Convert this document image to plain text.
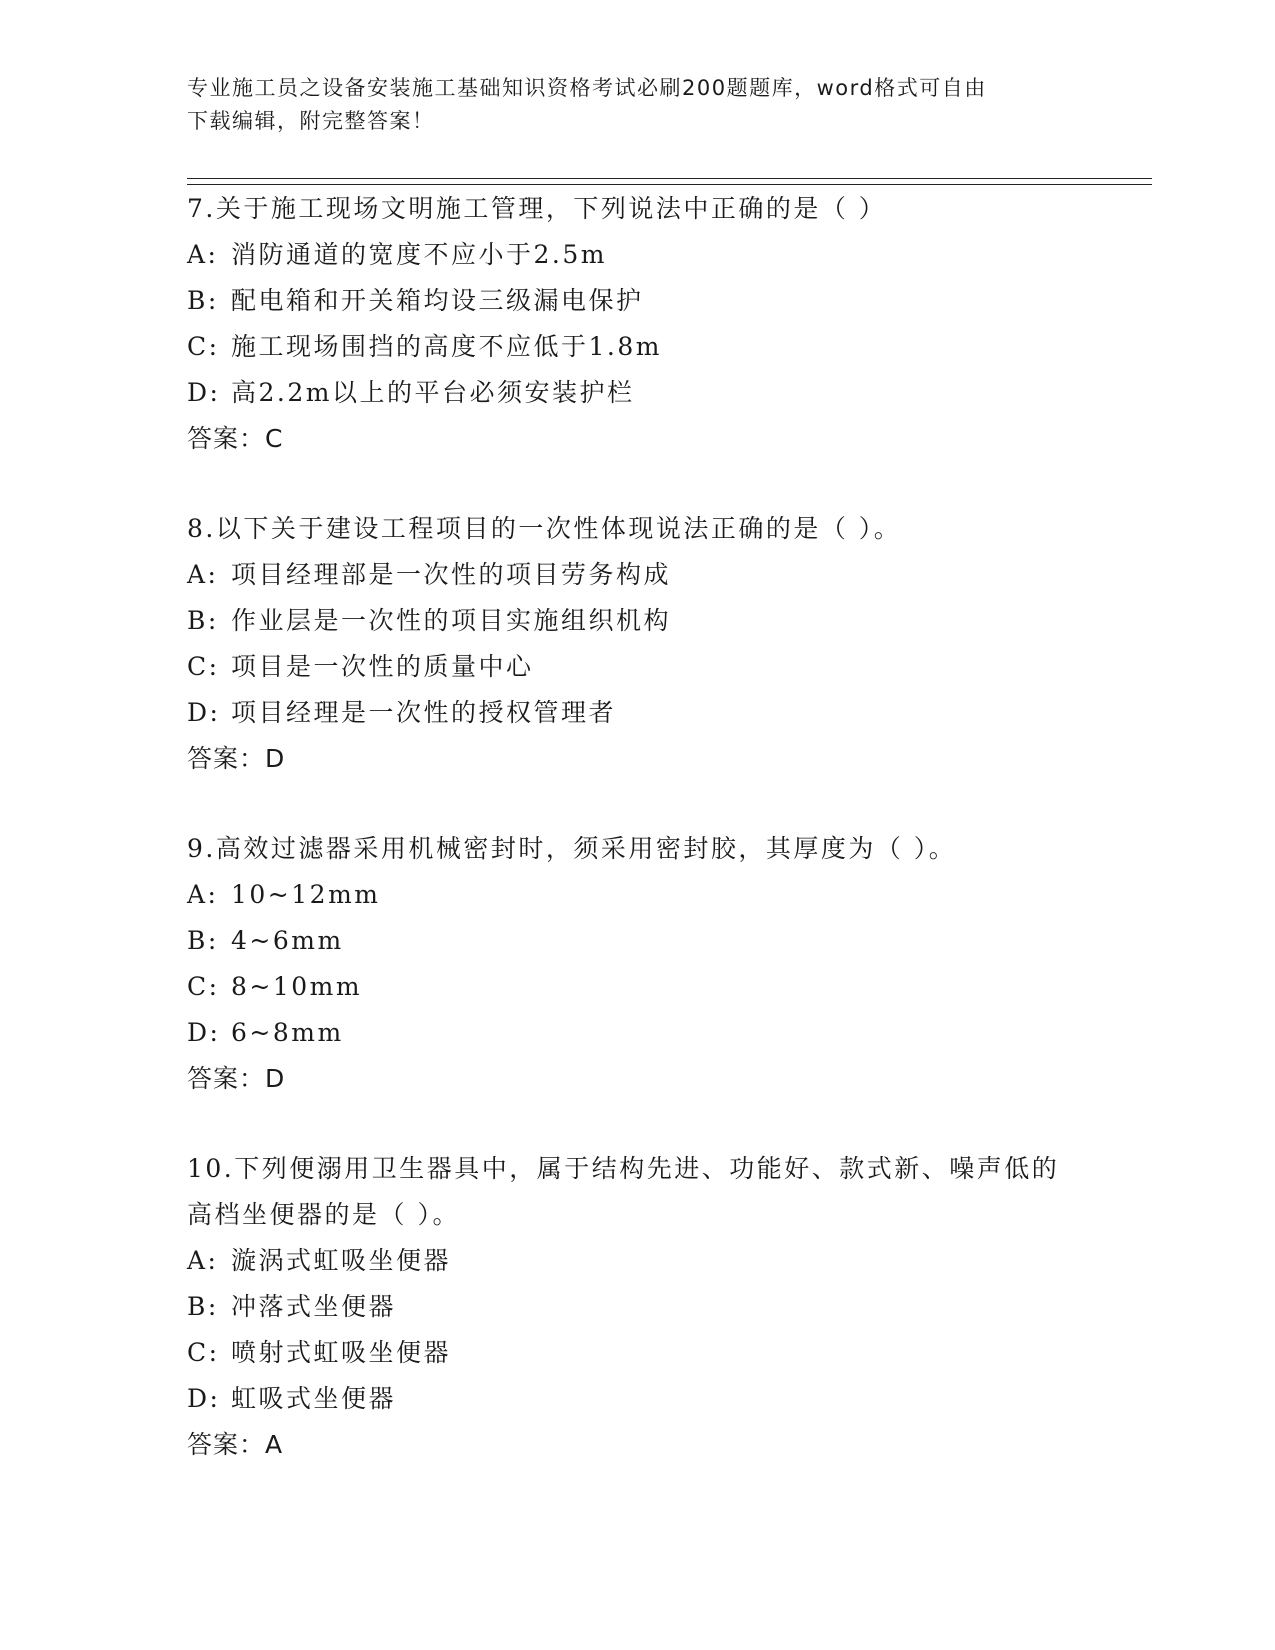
专业施工员之设备安装施工基础知识资格考试必刷200题题库，word格式可自由
下载编辑，附完整答案！
7.关于施工现场文明施工管理，下列说法中正确的是（ ）
A: 消防通道的宽度不应小于2.5m
B: 配电箱和开关箱均设三级漏电保护
C: 施工现场围挡的高度不应低于1.8m
D: 高2.2m以上的平台必须安装护栏
答案：C
8.以下关于建设工程项目的一次性体现说法正确的是（ ）。
A: 项目经理部是一次性的项目劳务构成
B: 作业层是一次性的项目实施组织机构
C: 项目是一次性的质量中心
D: 项目经理是一次性的授权管理者
答案：D
9.高效过滤器采用机械密封时，须采用密封胶，其厚度为（ ）。
A: 10~12mm
B: 4~6mm
C: 8~10mm
D: 6~8mm
答案：D
10.下列便溺用卫生器具中，属于结构先进、功能好、款式新、噪声低的高档坐便器的是（ ）。
A: 漩涡式虹吸坐便器
B: 冲落式坐便器
C: 喷射式虹吸坐便器
D: 虹吸式坐便器
答案：A
